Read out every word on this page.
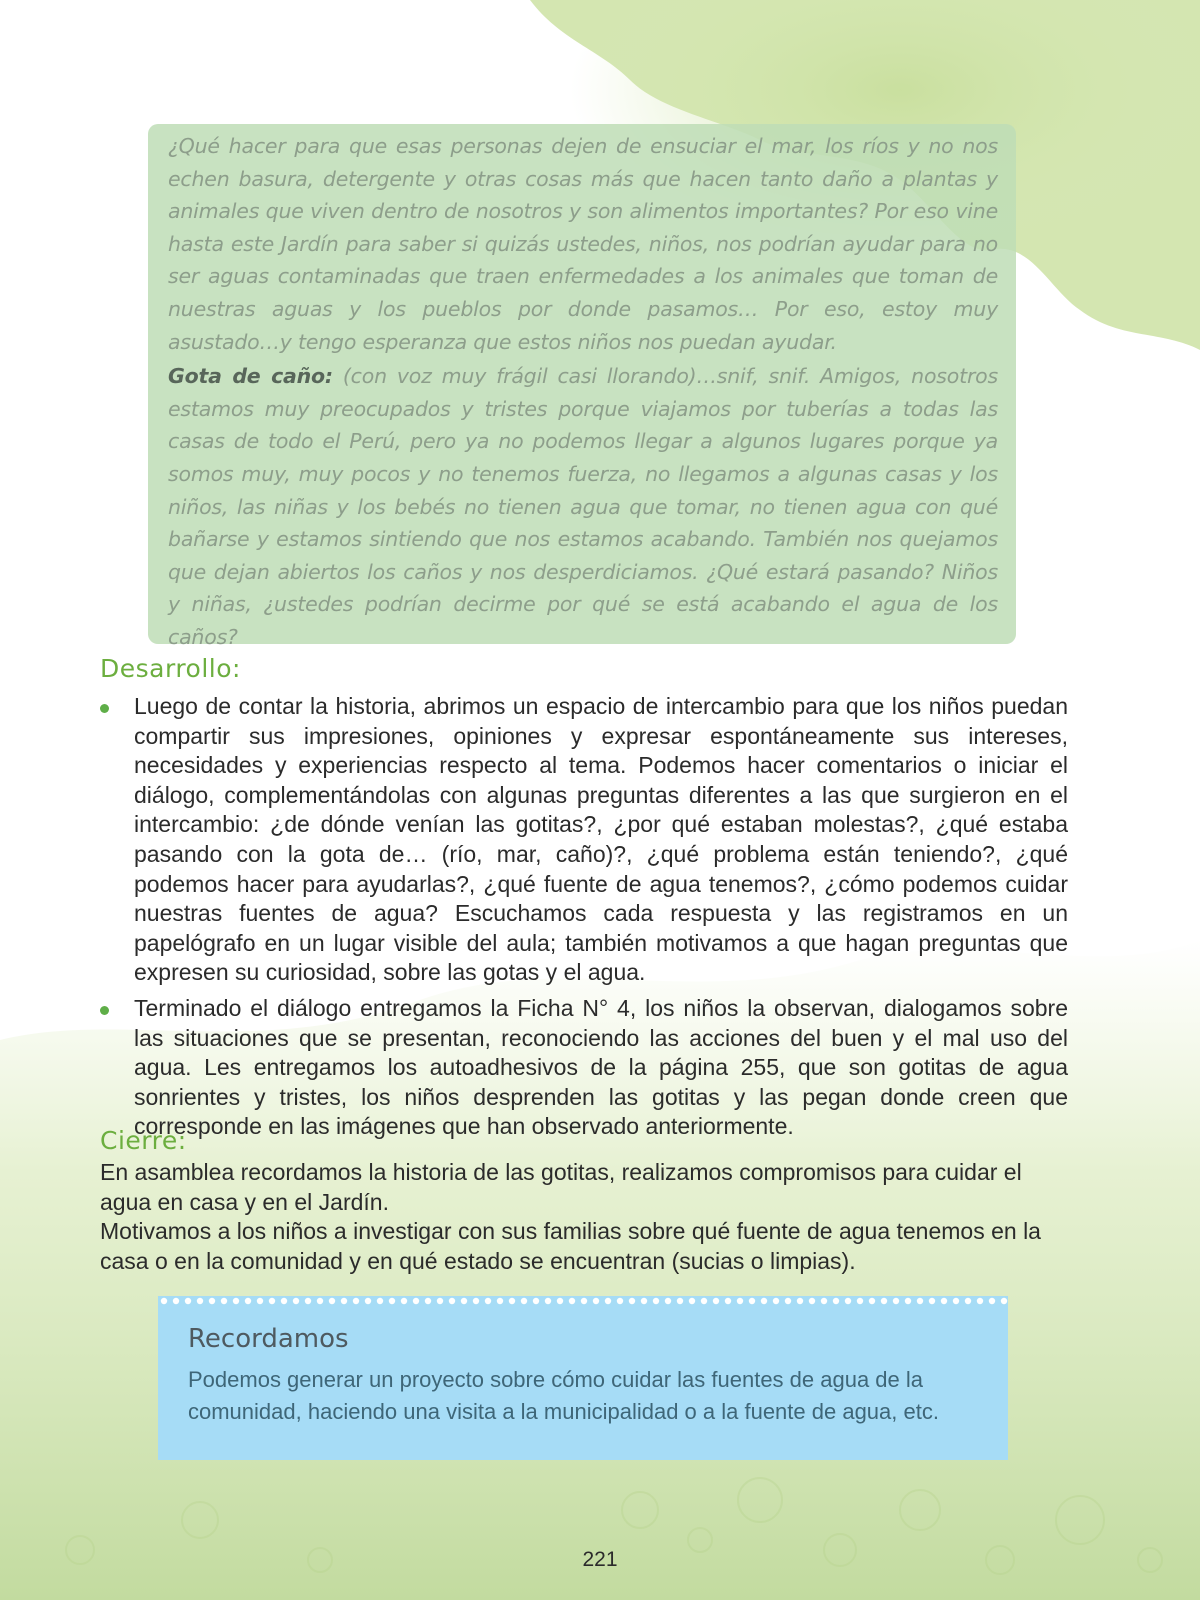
¿Qué hacer para que esas personas dejen de ensuciar el mar, los ríos y no nos echen basura, detergente y otras cosas más que hacen tanto daño a plantas y animales que viven dentro de nosotros y son alimentos importantes? Por eso vine hasta este Jardín para saber si quizás ustedes, niños, nos podrían ayudar para no ser aguas contaminadas que traen enfermedades a los animales que toman de nuestras aguas y los pueblos por donde pasamos… Por eso, estoy muy asustado…y tengo esperanza que estos niños nos puedan ayudar.

Gota de caño: (con voz muy frágil casi llorando)…snif, snif. Amigos, nosotros estamos muy preocupados y tristes porque viajamos por tuberías a todas las casas de todo el Perú, pero ya no podemos llegar a algunos lugares porque ya somos muy, muy pocos y no tenemos fuerza, no llegamos a algunas casas y los niños, las niñas y los bebés no tienen agua que tomar, no tienen agua con qué bañarse y estamos sintiendo que nos estamos acabando. También nos quejamos que dejan abiertos los caños y nos desperdiciamos. ¿Qué estará pasando? Niños y niñas, ¿ustedes podrían decirme por qué se está acabando el agua de los caños?

Desarrollo:
Luego de contar la historia, abrimos un espacio de intercambio para que los niños puedan compartir sus impresiones, opiniones y expresar espontáneamente sus intereses, necesidades y experiencias respecto al tema. Podemos hacer comentarios o iniciar el diálogo, complementándolas con algunas preguntas diferentes a las que surgieron en el intercambio: ¿de dónde venían las gotitas?, ¿por qué estaban molestas?, ¿qué estaba pasando con la gota de… (río, mar, caño)?, ¿qué problema están teniendo?, ¿qué podemos hacer para ayudarlas?, ¿qué fuente de agua tenemos?, ¿cómo podemos cuidar nuestras fuentes de agua? Escuchamos cada respuesta y las registramos en un papelógrafo en un lugar visible del aula; también motivamos a que hagan preguntas que expresen su curiosidad, sobre las gotas y el agua.
Terminado el diálogo entregamos la Ficha N° 4, los niños la observan, dialogamos sobre las situaciones que se presentan, reconociendo las acciones del buen y el mal uso del agua. Les entregamos los autoadhesivos de la página 255, que son gotitas de agua sonrientes y tristes, los niños desprenden las gotitas y las pegan donde creen que corresponde en las imágenes que han observado anteriormente.
Cierre:

En asamblea recordamos la historia de las gotitas, realizamos compromisos para cuidar el agua en casa y en el Jardín.

Motivamos a los niños a investigar con sus familias sobre qué fuente de agua tenemos en la casa o en la comunidad y en qué estado se encuentran (sucias o limpias).

Recordamos

Podemos generar un proyecto sobre cómo cuidar las fuentes de agua de la comunidad, haciendo una visita a la municipalidad o a la fuente de agua, etc.

221
